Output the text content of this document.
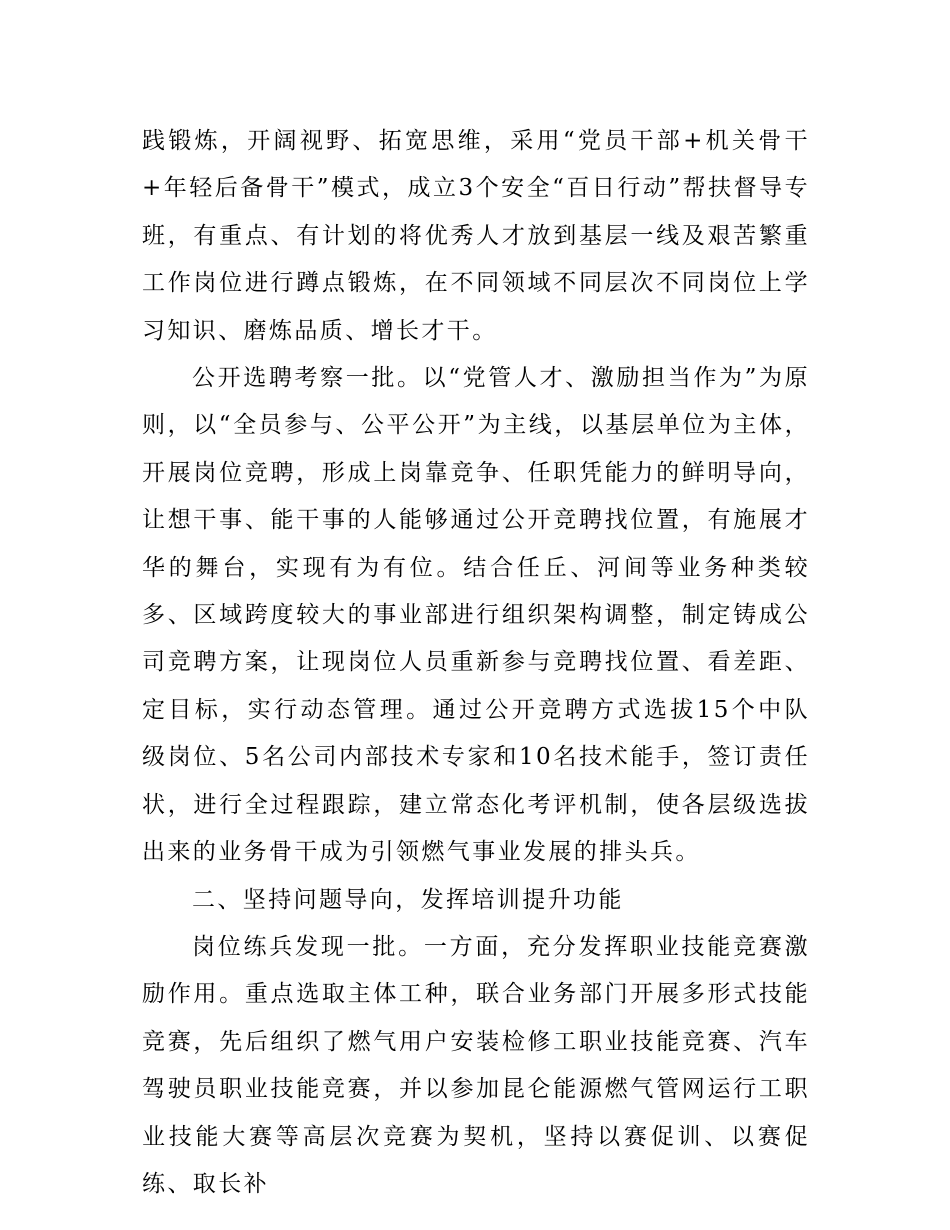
践锻炼，开阔视野、拓宽思维，采用“党员干部+机关骨干+年轻后备骨干”模式，成立3个安全“百日行动”帮扶督导专班，有重点、有计划的将优秀人才放到基层一线及艰苦繁重工作岗位进行蹲点锻炼，在不同领域不同层次不同岗位上学习知识、磨炼品质、增长才干。

公开选聘考察一批。以“党管人才、激励担当作为”为原则，以“全员参与、公平公开”为主线，以基层单位为主体，开展岗位竞聘，形成上岗靠竞争、任职凭能力的鲜明导向，让想干事、能干事的人能够通过公开竞聘找位置，有施展才华的舞台，实现有为有位。结合任丘、河间等业务种类较多、区域跨度较大的事业部进行组织架构调整，制定铸成公司竞聘方案，让现岗位人员重新参与竞聘找位置、看差距、定目标，实行动态管理。通过公开竞聘方式选拔15个中队级岗位、5名公司内部技术专家和10名技术能手，签订责任状，进行全过程跟踪，建立常态化考评机制，使各层级选拔出来的业务骨干成为引领燃气事业发展的排头兵。

二、坚持问题导向，发挥培训提升功能

岗位练兵发现一批。一方面，充分发挥职业技能竞赛激励作用。重点选取主体工种，联合业务部门开展多形式技能竞赛，先后组织了燃气用户安装检修工职业技能竞赛、汽车驾驶员职业技能竞赛，并以参加昆仑能源燃气管网运行工职业技能大赛等高层次竞赛为契机，坚持以赛促训、以赛促练、取长补
